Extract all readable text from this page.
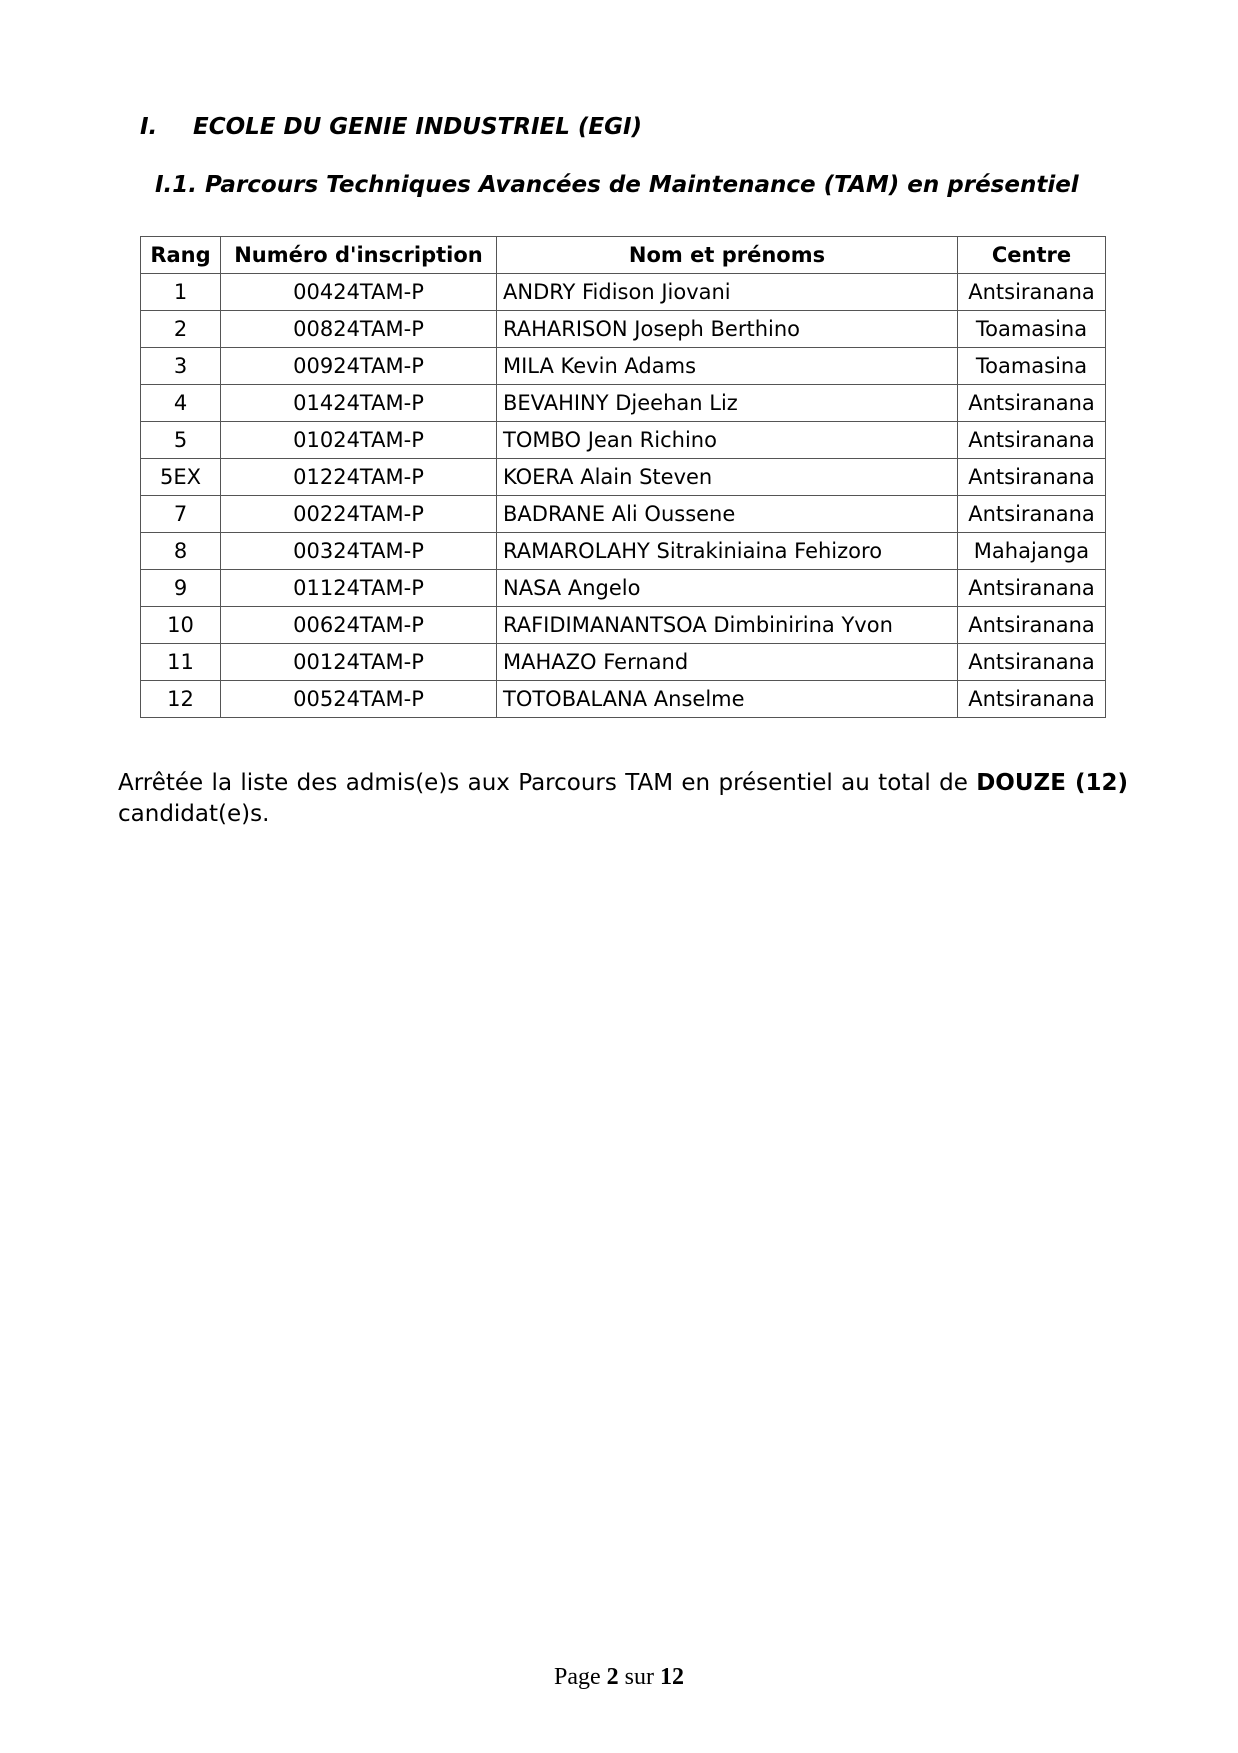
I. ECOLE DU GENIE INDUSTRIEL (EGI)
I.1. Parcours Techniques Avancées de Maintenance (TAM) en présentiel
Rang	Numéro d'inscription	Nom et prénoms	Centre
1	00424TAM-P	ANDRY Fidison Jiovani	Antsiranana
2	00824TAM-P	RAHARISON Joseph Berthino	Toamasina
3	00924TAM-P	MILA Kevin Adams	Toamasina
4	01424TAM-P	BEVAHINY Djeehan Liz	Antsiranana
5	01024TAM-P	TOMBO Jean Richino	Antsiranana
5EX	01224TAM-P	KOERA Alain Steven	Antsiranana
7	00224TAM-P	BADRANE Ali Oussene	Antsiranana
8	00324TAM-P	RAMAROLAHY Sitrakiniaina Fehizoro	Mahajanga
9	01124TAM-P	NASA Angelo	Antsiranana
10	00624TAM-P	RAFIDIMANANTSOA Dimbinirina Yvon	Antsiranana
11	00124TAM-P	MAHAZO Fernand	Antsiranana
12	00524TAM-P	TOTOBALANA Anselme	Antsiranana

Arrêtée la liste des admis(e)s aux Parcours TAM en présentiel au total de DOUZE (12) candidat(e)s.

Page 2 sur 12
